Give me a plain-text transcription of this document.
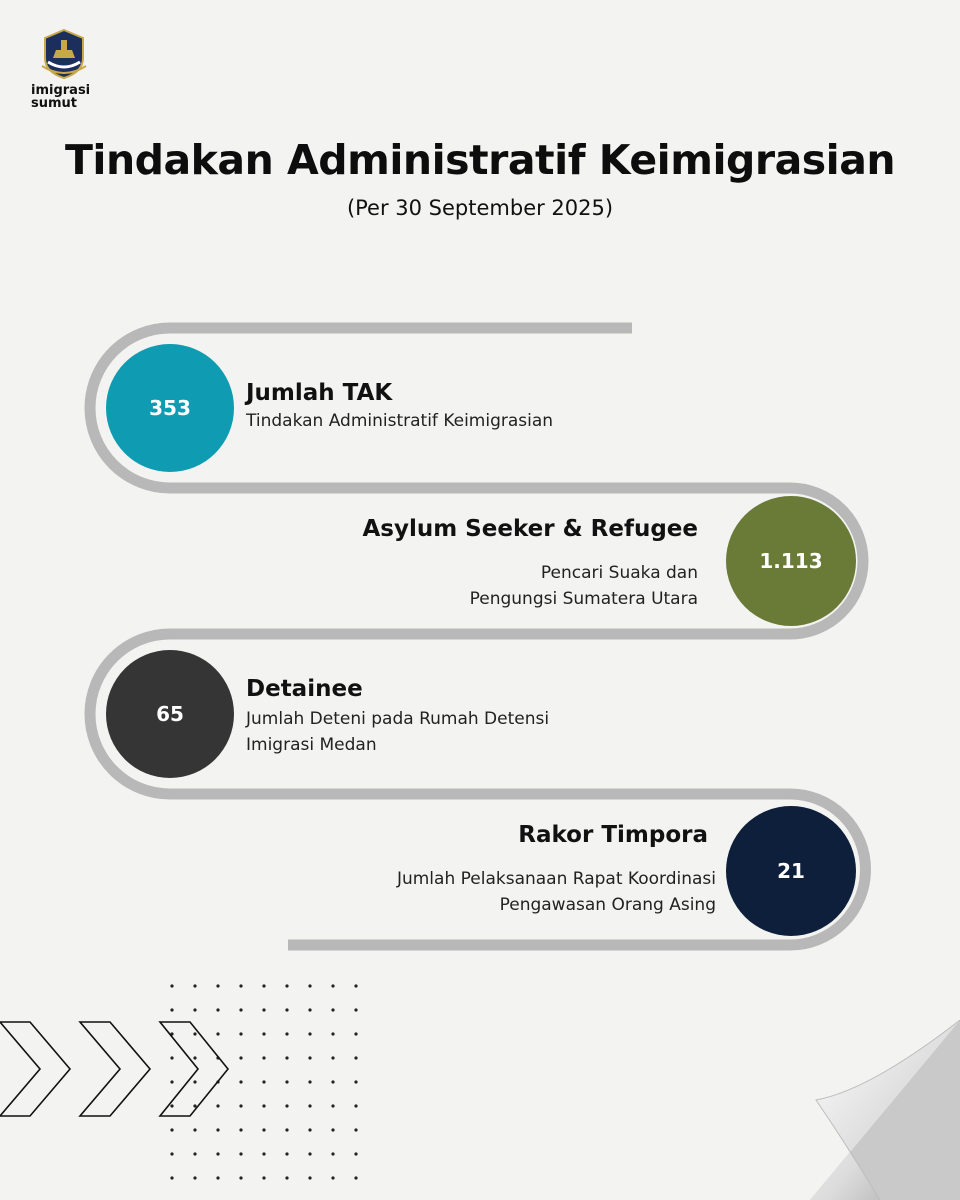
imigrasi
sumut
Tindakan Administratif Keimigrasian
(Per 30 September 2025)
353
Jumlah TAK
Tindakan Administratif Keimigrasian
1.113
Asylum Seeker & Refugee
Pencari Suaka dan
Pengungsi Sumatera Utara
65
Detainee
Jumlah Deteni pada Rumah Detensi
Imigrasi Medan
21
Rakor Timpora
Jumlah Pelaksanaan Rapat Koordinasi
Pengawasan Orang Asing
